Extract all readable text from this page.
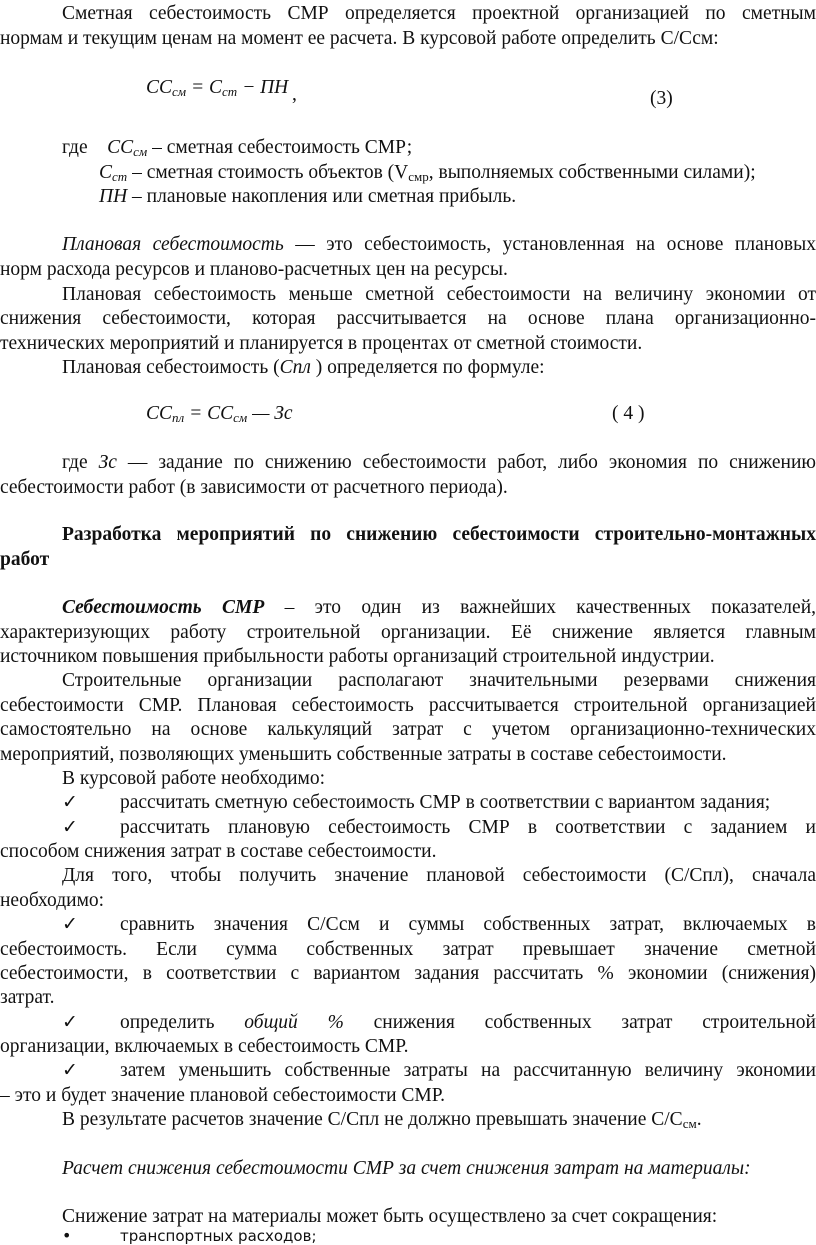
Сметная себестоимость СМР определяется проектной организацией по сметным

нормам и текущим ценам на момент ее расчета. В курсовой работе определить С/Ссм:

$СС_{см} = С_{ст}$ − ПН ,	(3)
где $СС_{см}$ – сметная себестоимость СМР;
$С_{ст}$ – сметная стоимость объектов ($V_{смр}$, выполняемых собственными силами);
ПН – плановые накопления или сметная прибыль.

Плановая себестоимость — это себестоимость, установленная на основе плановых

норм расхода ресурсов и планово-расчетных цен на ресурсы.

Плановая себестоимость меньше сметной себестоимости на величину экономии от

снижения себестоимости, которая рассчитывается на основе плана организационно-

технических мероприятий и планируется в процентах от сметной стоимости.

Плановая себестоимость (Спл ) определяется по формуле:

$СС_{пл} = СС_{см}$ — Зс	( 4 )

где Зс — задание по снижению себестоимости работ, либо экономия по снижению

себестоимости работ (в зависимости от расчетного периода).

Разработка мероприятий по снижению себестоимости строительно-монтажных

работ

Себестоимость СМР – это один из важнейших качественных показателей,

характеризующих работу строительной организации. Её снижение является главным

источником повышения прибыльности работы организаций строительной индустрии.

Строительные организации располагают значительными резервами снижения

себестоимости СМР. Плановая себестоимость рассчитывается строительной организацией

самостоятельно на основе калькуляций затрат с учетом организационно-технических

мероприятий, позволяющих уменьшить собственные затраты в составе себестоимости.

В курсовой работе необходимо:

✓ рассчитать сметную себестоимость СМР в соответствии с вариантом задания;

✓ рассчитать плановую себестоимость СМР в соответствии с заданием и

способом снижения затрат в составе себестоимости.

Для того, чтобы получить значение плановой себестоимости (С/Спл), сначала

необходимо:

✓ сравнить значения С/Ссм и суммы собственных затрат, включаемых в

себестоимость. Если сумма собственных затрат превышает значение сметной

себестоимости, в соответствии с вариантом задания рассчитать % экономии (снижения)

затрат.

✓ определить общий % снижения собственных затрат строительной

организации, включаемых в себестоимость СМР.

✓ затем уменьшить собственные затраты на рассчитанную величину экономии

– это и будет значение плановой себестоимости СМР.

В результате расчетов значение С/Спл не должно превышать значение $С/С_{см}$.

Расчет снижения себестоимости СМР за счет снижения затрат на материалы:

Снижение затрат на материалы может быть осуществлено за счет сокращения:

•	транспортных расходов;
